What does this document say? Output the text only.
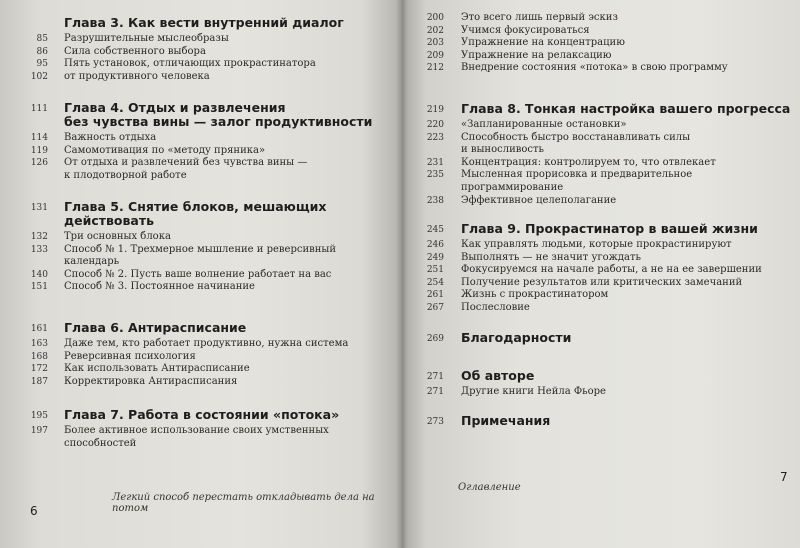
Глава 3. Как вести внутренний диалог
85 Разрушительные мыслеобразы
86 Сила собственного выбора
95 Пять установок, отличающих прокрастинатора
102 от продуктивного человека
111 Глава 4. Отдых и развлечения
без чувства вины — залог продуктивности
114 Важность отдыха
119 Самомотивация по «методу пряника»
126 От отдыха и развлечений без чувства вины —
к плодотворной работе
131 Глава 5. Снятие блоков, мешающих
действовать
132 Три основных блока
133 Способ № 1. Трехмерное мышление и реверсивный
календарь
140 Способ № 2. Пусть ваше волнение работает на вас
151 Способ № 3. Постоянное начинание
161 Глава 6. Антирасписание
163 Даже тем, кто работает продуктивно, нужна система
168 Реверсивная психология
172 Как использовать Антирасписание
187 Корректировка Антирасписания
195 Глава 7. Работа в состоянии «потока»
197 Более активное использование своих умственных
способностей
Легкий способ перестать откладывать дела на потом
6
200 Это всего лишь первый эскиз
202 Учимся фокусироваться
203 Упражнение на концентрацию
209 Упражнение на релаксацию
212 Внедрение состояния «потока» в свою программу
219 Глава 8. Тонкая настройка вашего прогресса
220 «Запланированные остановки»
223 Способность быстро восстанавливать силы
и выносливость
231 Концентрация: контролируем то, что отвлекает
235 Мысленная прорисовка и предварительное
программирование
238 Эффективное целеполагание
245 Глава 9. Прокрастинатор в вашей жизни
246 Как управлять людьми, которые прокрастинируют
249 Выполнять — не значит угождать
251 Фокусируемся на начале работы, а не на ее завершении
254 Получение результатов или критических замечаний
261 Жизнь с прокрастинатором
267 Послесловие
269 Благодарности
271 Об авторе
271 Другие книги Нейла Фьоре
273 Примечания
Оглавление
7
